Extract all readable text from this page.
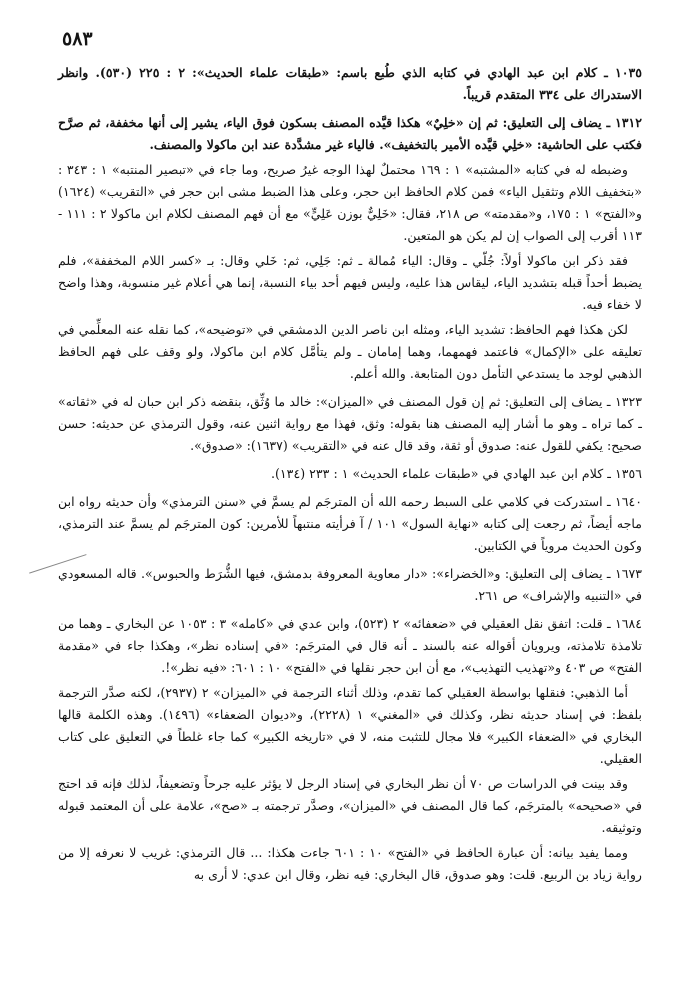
٥٨٣

١٠٣٥ ـ كلام ابن عبد الهادي في كتابه الذي طُبع باسم: «طبقات علماء الحديث»: ٢ : ٢٢٥ (٥٣٠). وانظر الاستدراك على ٣٣٤ المتقدم قريباً.

١٣١٢ ـ يضاف إلى التعليق: ثم إن «خلِيٌ» هكذا قيَّده المصنف بسكون فوق الياء، يشير إلى أنها مخففة، ثم صرَّح فكتب على الحاشية: «خلِي قيَّده الأمير بالتخفيف». فالياء غير مشدَّدة عند ابن ماكولا والمصنف.

وضبطه له في كتابه «المشتبه» ١ : ١٦٩ محتملٌ لهذا الوجه غيرُ صريح، وما جاء في «تبصير المنتبه» ١ : ٣٤٣ : «بتخفيف اللام وتثقيل الياء» فمن كلام الحافظ ابن حجر، وعلى هذا الضبط مشى ابن حجر في «التقريب» (١٦٢٤) و«الفتح» ١ : ١٧٥، و«مقدمته» ص ٢١٨، فقال: «خَلِيٌّ بوزن عَلِيٍّ» مع أن فهم المصنف لكلام ابن ماكولا ٢ : ١١١ - ١١٣ أقرب إلى الصواب إن لم يكن هو المتعين.

فقد ذكر ابن ماكولا أولاً: جُلّي ـ وقال: الياء مُمالة ـ ثم: جَلِي، ثم: خَلي وقال: بـ «كسر اللام المخففة»، فلم يضبط أحداً قبله بتشديد الياء، ليقاس هذا عليه، وليس فيهم أحد بياء النسبة، إنما هي أعلام غير منسوبة، وهذا واضح لا خفاء فيه.

لكن هكذا فهم الحافظ: تشديد الياء، ومثله ابن ناصر الدين الدمشقي في «توضيحه»، كما نقله عنه المعلِّمي في تعليقه على «الإكمال» فاعتمد فهمهما، وهما إمامان ـ ولم يتأمَّل كلام ابن ماكولا، ولو وقف على فهم الحافظ الذهبي لوجد ما يستدعي التأمل دون المتابعة. والله أعلم.

١٣٢٣ ـ يضاف إلى التعليق: ثم إن قول المصنف في «الميزان»: خالد ما وُثِّق، بنقضه ذكر ابن حبان له في «ثقاته» ـ كما تراه ـ وهو ما أشار إليه المصنف هنا بقوله: وثق، فهذا مع رواية اثنين عنه، وقول الترمذي عن حديثه: حسن صحيح: يكفي للقول عنه: صدوق أو ثقة، وقد قال عنه في «التقريب» (١٦٣٧): «صدوق».

١٣٥٦ ـ كلام ابن عبد الهادي في «طبقات علماء الحديث» ١ : ٢٣٣ (١٣٤).

١٦٤٠ ـ استدركت في كلامي على السبط رحمه الله أن المترجَم لم يسمَّ في «سنن الترمذي» وأن حديثه رواه ابن ماجه أيضاً، ثم رجعت إلى كتابه «نهاية السول» ١٠١ / آ فرأيته منتبهاً للأمرين: كون المترجَم لم يسمَّ عند الترمذي، وكون الحديث مروياً في الكتابين.

١٦٧٣ ـ يضاف إلى التعليق: و«الخضراء»: «دار معاوية المعروفة بدمشق، فيها الشُّرَط والحبوس». قاله المسعودي في «التنبيه والإشراف» ص ٢٦١.

١٦٨٤ ـ قلت: اتفق نقل العقيلي في «ضعفائه» ٢ (٥٢٣)، وابن عدي في «كامله» ٣ : ١٠٥٣ عن البخاري ـ وهما من تلامذة تلامذته، ويرويان أقواله عنه بالسند ـ أنه قال في المترجَم: «في إسناده نظر»، وهكذا جاء في «مقدمة الفتح» ص ٤٠٣ و«تهذيب التهذيب»، مع أن ابن حجر نقلها في «الفتح» ١٠ : ٦٠١: «فيه نظر»!.

أما الذهبي: فنقلها بواسطة العقيلي كما تقدم، وذلك أثناء الترجمة في «الميزان» ٢ (٢٩٣٧)، لكنه صدَّر الترجمة بلفظ: في إسناد حديثه نظر، وكذلك في «المغني» ١ (٢٢٢٨)، و«ديوان الضعفاء» (١٤٩٦). وهذه الكلمة قالها البخاري في «الضعفاء الكبير» فلا مجال للتثبت منه، لا في «تاريخه الكبير» كما جاء غلطاً في التعليق على كتاب العقيلي.

وقد بينت في الدراسات ص ٧٠ أن نظر البخاري في إسناد الرجل لا يؤثر عليه جرحاً وتضعيفاً، لذلك فإنه قد احتج في «صحيحه» بالمترجَم، كما قال المصنف في «الميزان»، وصدَّر ترجمته بـ «صح»، علامة على أن المعتمد قبوله وتوثيقه.

ومما يفيد بيانه: أن عبارة الحافظ في «الفتح» ١٠ : ٦٠١ جاءت هكذا: ... قال الترمذي: غريب لا نعرفه إلا من رواية زياد بن الربيع. قلت: وهو صدوق، قال البخاري: فيه نظر، وقال ابن عدي: لا أرى به
